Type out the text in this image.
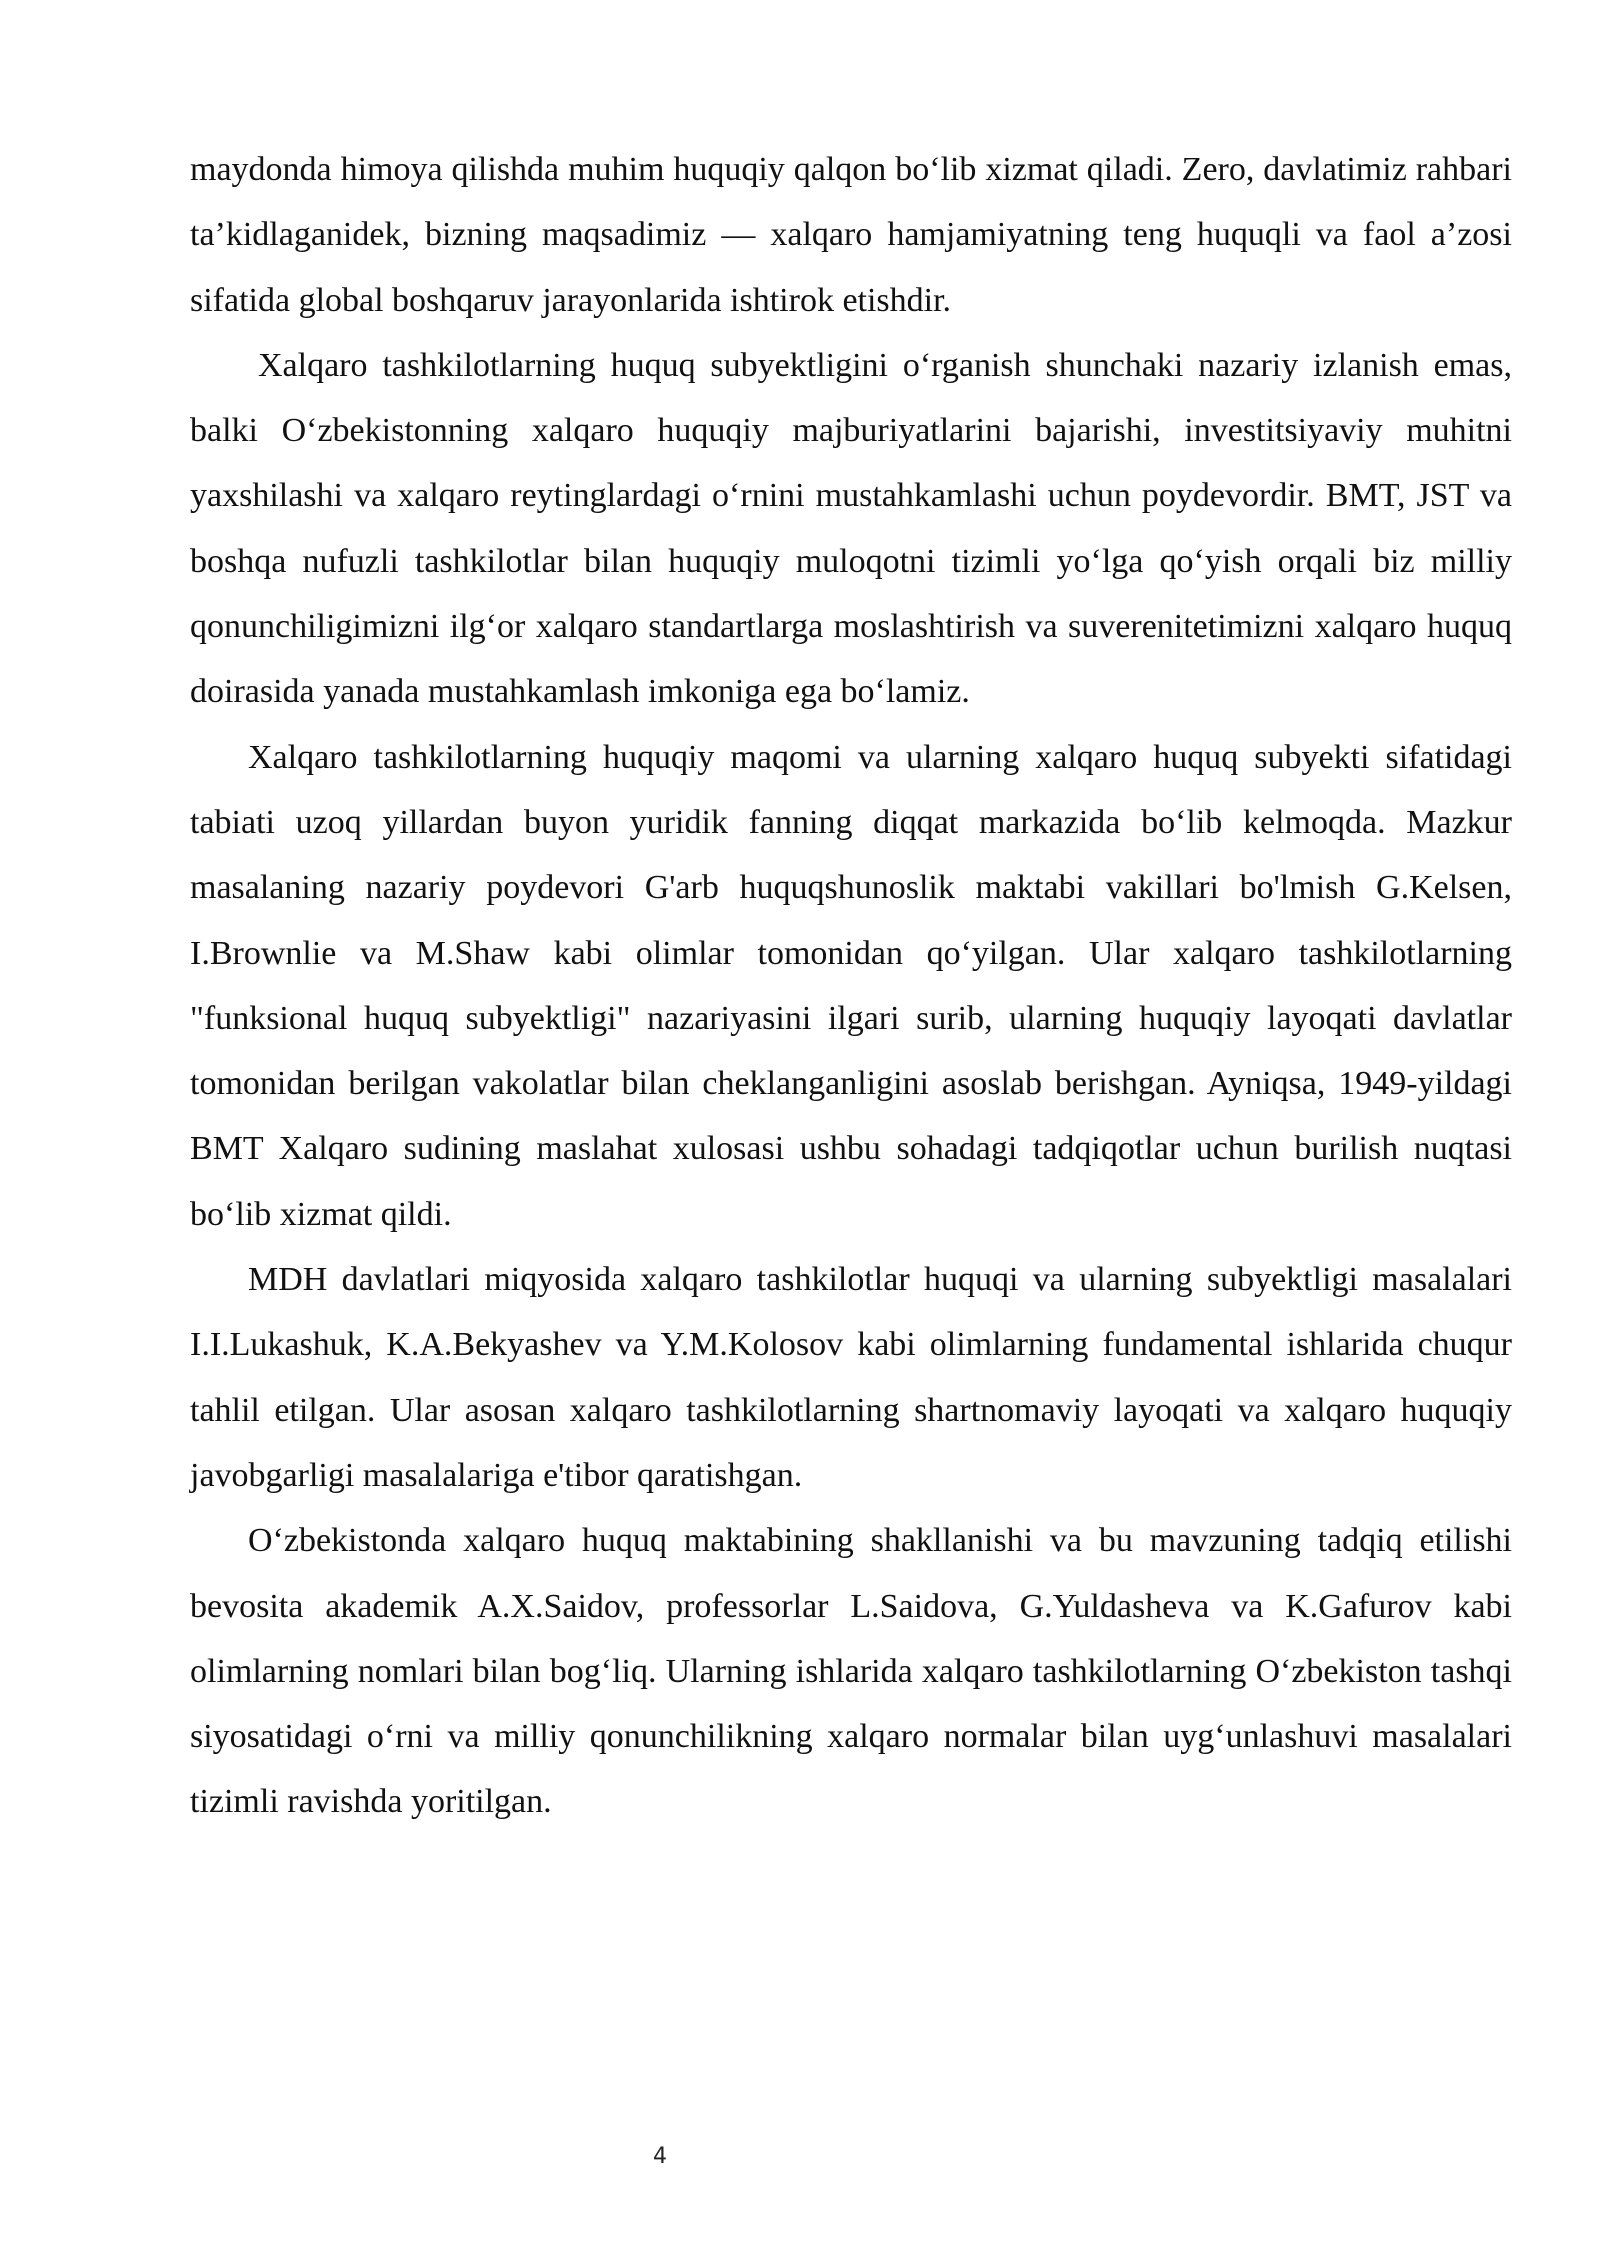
maydonda himoya qilishda muhim huquqiy qalqon bo‘lib xizmat qiladi. Zero, davlatimiz rahbari ta’kidlaganidek, bizning maqsadimiz — xalqaro hamjamiyatning teng huquqli va faol a’zosi sifatida global boshqaruv jarayonlarida ishtirok etishdir.

Xalqaro tashkilotlarning huquq subyektligini o‘rganish shunchaki nazariy izlanish emas, balki O‘zbekistonning xalqaro huquqiy majburiyatlarini bajarishi, investitsiyaviy muhitni yaxshilashi va xalqaro reytinglardagi o‘rnini mustahkamlashi uchun poydevordir. BMT, JST va boshqa nufuzli tashkilotlar bilan huquqiy muloqotni tizimli yo‘lga qo‘yish orqali biz milliy qonunchiligimizni ilg‘or xalqaro standartlarga moslashtirish va suverenitetimizni xalqaro huquq doirasida yanada mustahkamlash imkoniga ega bo‘lamiz.

Xalqaro tashkilotlarning huquqiy maqomi va ularning xalqaro huquq subyekti sifatidagi tabiati uzoq yillardan buyon yuridik fanning diqqat markazida bo‘lib kelmoqda. Mazkur masalaning nazariy poydevori G'arb huquqshunoslik maktabi vakillari bo'lmish G.Kelsen, I.Brownlie va M.Shaw kabi olimlar tomonidan qo‘yilgan. Ular xalqaro tashkilotlarning "funksional huquq subyektligi" nazariyasini ilgari surib, ularning huquqiy layoqati davlatlar tomonidan berilgan vakolatlar bilan cheklanganligini asoslab berishgan. Ayniqsa, 1949-yildagi BMT Xalqaro sudining maslahat xulosasi ushbu sohadagi tadqiqotlar uchun burilish nuqtasi bo‘lib xizmat qildi.

MDH davlatlari miqyosida xalqaro tashkilotlar huquqi va ularning subyektligi masalalari I.I.Lukashuk, K.A.Bekyashev va Y.M.Kolosov kabi olimlarning fundamental ishlarida chuqur tahlil etilgan. Ular asosan xalqaro tashkilotlarning shartnomaviy layoqati va xalqaro huquqiy javobgarligi masalalariga e'tibor qaratishgan.

O‘zbekistonda xalqaro huquq maktabining shakllanishi va bu mavzuning tadqiq etilishi bevosita akademik A.X.Saidov, professorlar L.Saidova, G.Yuldasheva va K.Gafurov kabi olimlarning nomlari bilan bog‘liq. Ularning ishlarida xalqaro tashkilotlarning O‘zbekiston tashqi siyosatidagi o‘rni va milliy qonunchilikning xalqaro normalar bilan uyg‘unlashuvi masalalari tizimli ravishda yoritilgan.

4
